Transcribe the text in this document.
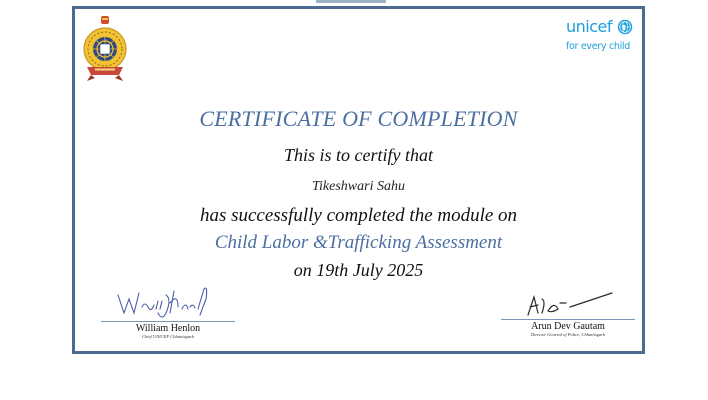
unicef
for every child
CERTIFICATE OF COMPLETION
This is to certify that
Tikeshwari Sahu
has successfully completed the module on
Child Labor &Trafficking Assessment
on 19th July 2025
William Henlon
Chief UNICEF Chhattisgarh
Arun Dev Gautam
Director General of Police, Chhattisgarh
